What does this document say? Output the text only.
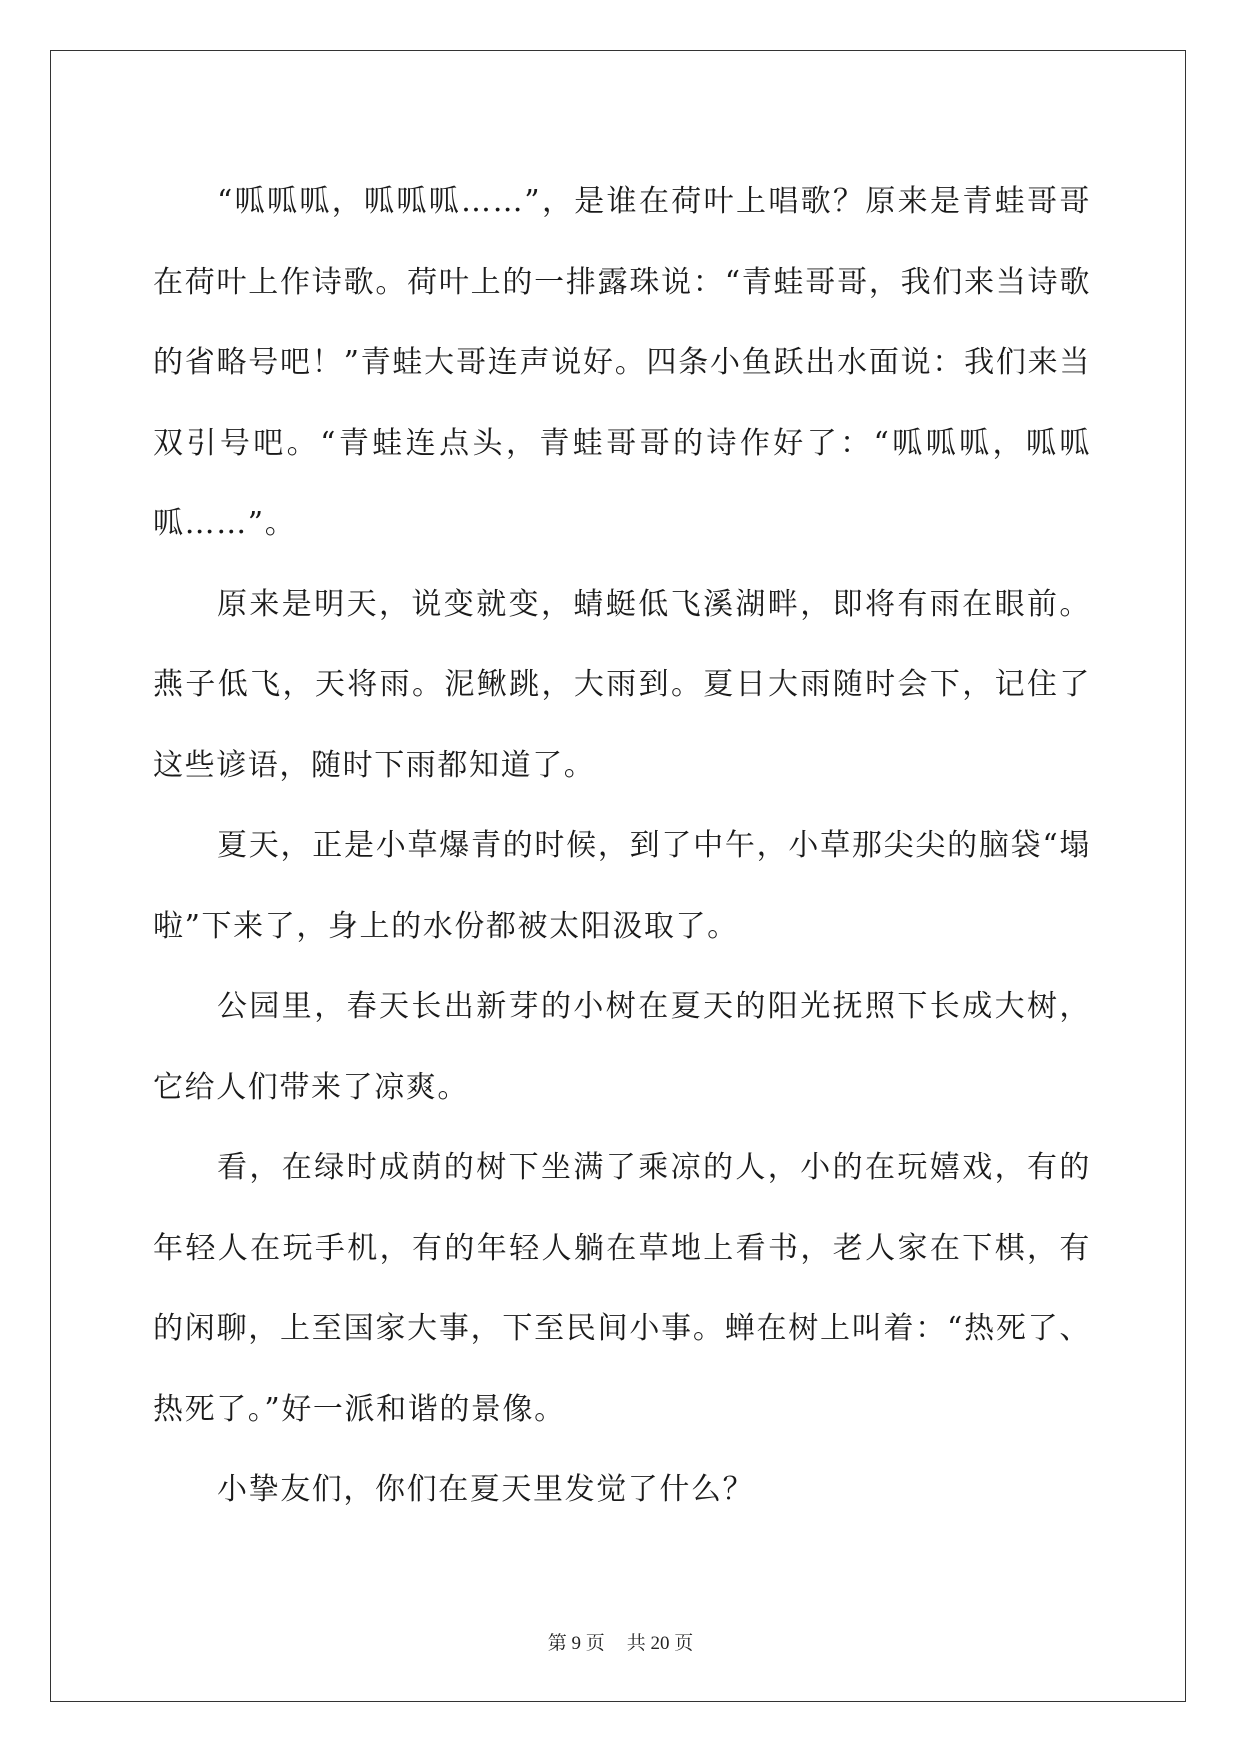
“呱呱呱，呱呱呱……”，是谁在荷叶上唱歌？原来是青蛙哥哥在荷叶上作诗歌。荷叶上的一排露珠说：“青蛙哥哥，我们来当诗歌的省略号吧！”青蛙大哥连声说好。四条小鱼跃出水面说：我们来当双引号吧。“青蛙连点头，青蛙哥哥的诗作好了：“呱呱呱，呱呱呱……”。

原来是明天，说变就变，蜻蜓低飞溪湖畔，即将有雨在眼前。燕子低飞，天将雨。泥鳅跳，大雨到。夏日大雨随时会下，记住了这些谚语，随时下雨都知道了。

夏天，正是小草爆青的时候，到了中午，小草那尖尖的脑袋“塌啦”下来了，身上的水份都被太阳汲取了。

公园里，春天长出新芽的小树在夏天的阳光抚照下长成大树，它给人们带来了凉爽。

看，在绿时成荫的树下坐满了乘凉的人，小的在玩嬉戏，有的年轻人在玩手机，有的年轻人躺在草地上看书，老人家在下棋，有的闲聊，上至国家大事，下至民间小事。蝉在树上叫着：“热死了、热死了。”好一派和谐的景像。

小挚友们，你们在夏天里发觉了什么？

第 9 页 共 20 页
